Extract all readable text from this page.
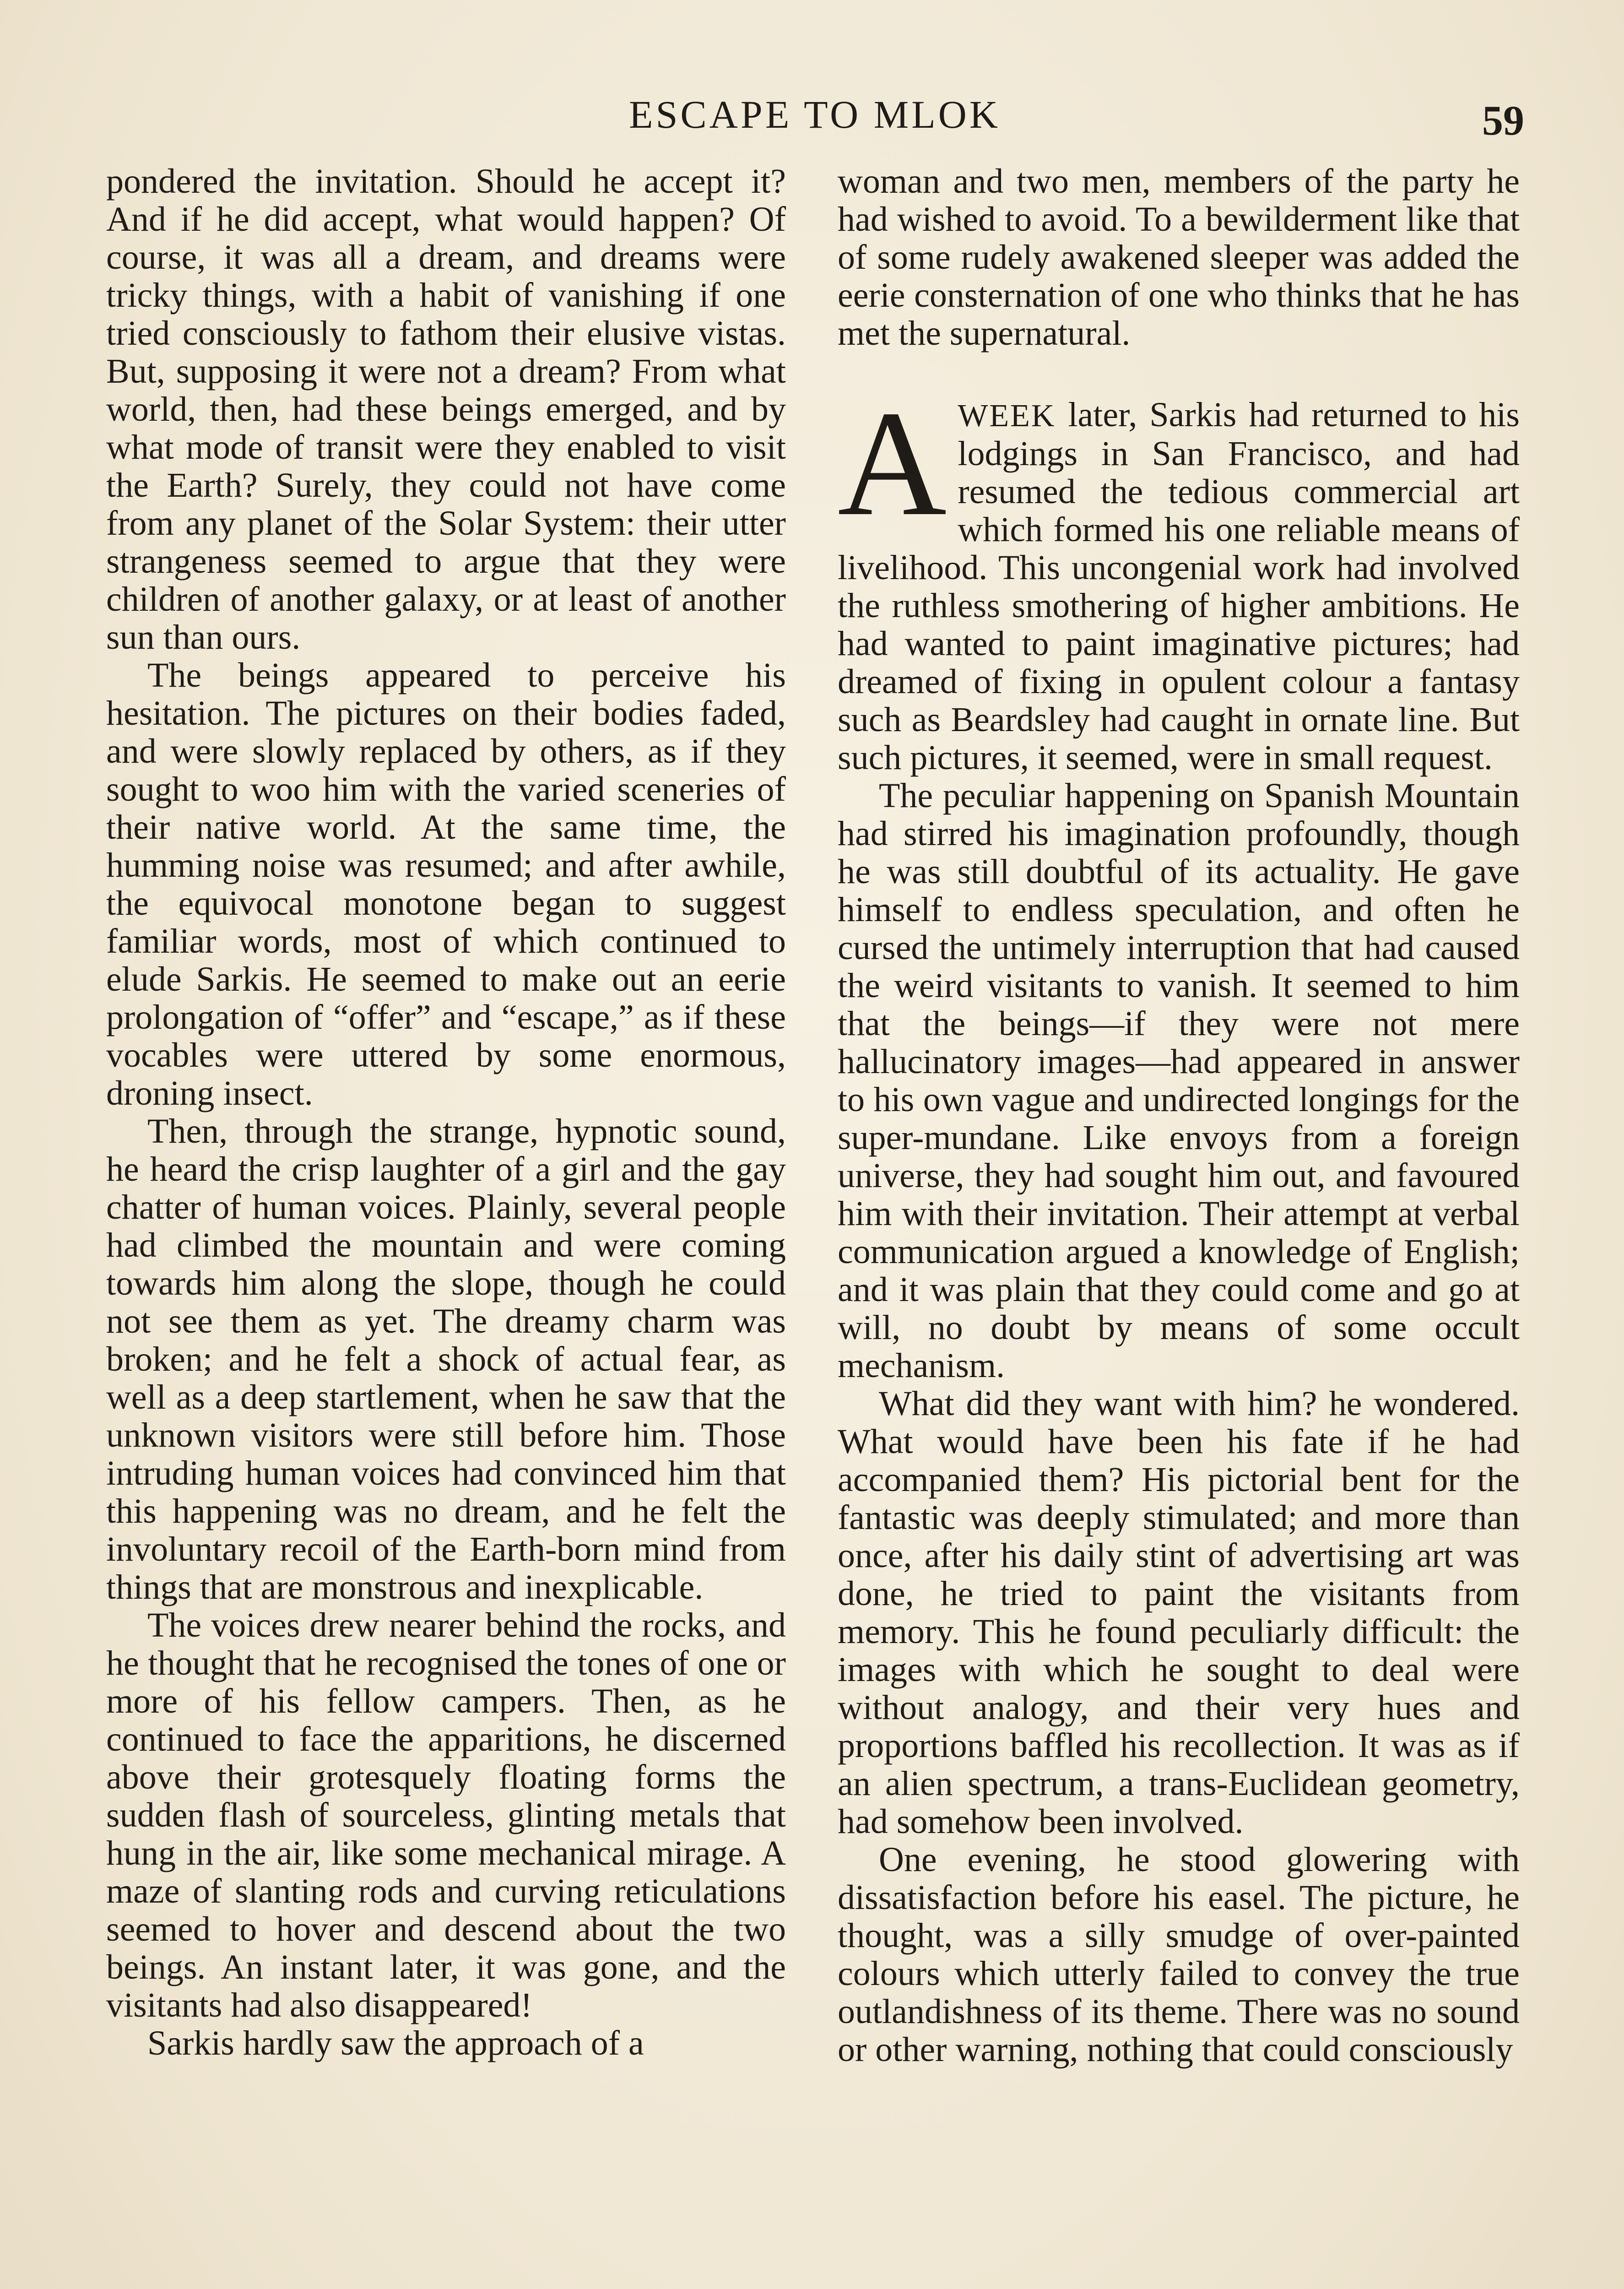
ESCAPE TO MLOK	59

pondered the invitation. Should he accept it? And if he did accept, what would happen? Of course, it was all a dream, and dreams were tricky things, with a habit of vanishing if one tried consciously to fathom their elusive vistas. But, supposing it were not a dream? From what world, then, had these beings emerged, and by what mode of transit were they enabled to visit the Earth? Surely, they could not have come from any planet of the Solar System: their utter strangeness seemed to argue that they were children of another galaxy, or at least of another sun than ours.

The beings appeared to perceive his hesitation. The pictures on their bodies faded, and were slowly replaced by others, as if they sought to woo him with the varied sceneries of their native world. At the same time, the humming noise was resumed; and after awhile, the equivocal monotone began to suggest familiar words, most of which continued to elude Sarkis. He seemed to make out an eerie prolongation of “offer” and “escape,” as if these vocables were uttered by some enormous, droning insect.

Then, through the strange, hypnotic sound, he heard the crisp laughter of a girl and the gay chatter of human voices. Plainly, several people had climbed the mountain and were coming towards him along the slope, though he could not see them as yet. The dreamy charm was broken; and he felt a shock of actual fear, as well as a deep startlement, when he saw that the unknown visitors were still before him. Those intruding human voices had convinced him that this happening was no dream, and he felt the involuntary recoil of the Earth-born mind from things that are monstrous and inexplicable.

The voices drew nearer behind the rocks, and he thought that he recognised the tones of one or more of his fellow campers. Then, as he continued to face the apparitions, he discerned above their grotesquely floating forms the sudden flash of sourceless, glinting metals that hung in the air, like some mechanical mirage. A maze of slanting rods and curving reticulations seemed to hover and descend about the two beings. An instant later, it was gone, and the visitants had also disappeared!

Sarkis hardly saw the approach of a

woman and two men, members of the party he had wished to avoid. To a bewilderment like that of some rudely awakened sleeper was added the eerie consternation of one who thinks that he has met the supernatural.

AWEEK later, Sarkis had returned to his lodgings in San Francisco, and had resumed the tedious commercial art which formed his one reliable means of livelihood. This uncongenial work had involved the ruthless smothering of higher ambitions. He had wanted to paint imaginative pictures; had dreamed of fixing in opulent colour a fantasy such as Beardsley had caught in ornate line. But such pictures, it seemed, were in small request.

The peculiar happening on Spanish Mountain had stirred his imagination profoundly, though he was still doubtful of its actuality. He gave himself to endless speculation, and often he cursed the untimely interruption that had caused the weird visitants to vanish. It seemed to him that the beings—if they were not mere hallucinatory images—had appeared in answer to his own vague and undirected longings for the super-mundane. Like envoys from a foreign universe, they had sought him out, and favoured him with their invitation. Their attempt at verbal communication argued a knowledge of English; and it was plain that they could come and go at will, no doubt by means of some occult mechanism.

What did they want with him? he wondered. What would have been his fate if he had accompanied them? His pictorial bent for the fantastic was deeply stimulated; and more than once, after his daily stint of advertising art was done, he tried to paint the visitants from memory. This he found peculiarly difficult: the images with which he sought to deal were without analogy, and their very hues and proportions baffled his recollection. It was as if an alien spectrum, a trans-Euclidean geometry, had somehow been involved.

One evening, he stood glowering with dissatisfaction before his easel. The picture, he thought, was a silly smudge of over-painted colours which utterly failed to convey the true outlandishness of its theme. There was no sound or other warning, nothing that could consciously
